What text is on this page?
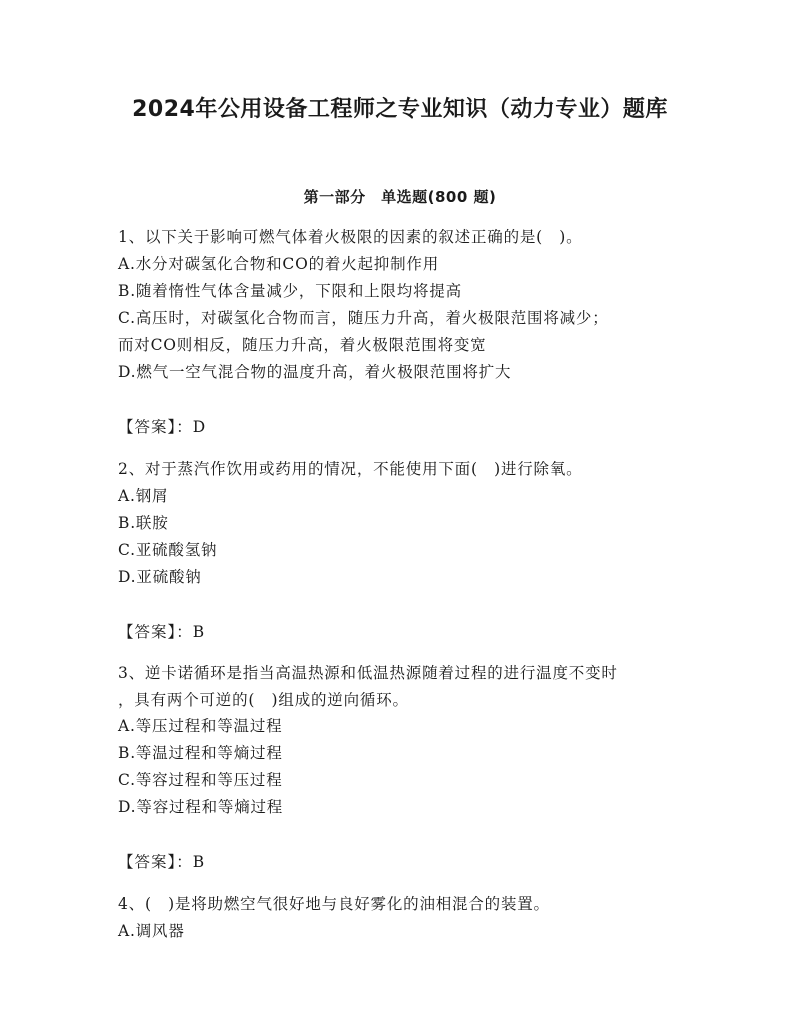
2024年公用设备工程师之专业知识（动力专业）题库
第一部分　单选题(800 题)
1、以下关于影响可燃气体着火极限的因素的叙述正确的是(　)。
A.水分对碳氢化合物和CO的着火起抑制作用
B.随着惰性气体含量减少，下限和上限均将提高
C.高压时，对碳氢化合物而言，随压力升高，着火极限范围将减少；
而对CO则相反，随压力升高，着火极限范围将变宽
D.燃气一空气混合物的温度升高，着火极限范围将扩大
【答案】：D
2、对于蒸汽作饮用或药用的情况，不能使用下面(　)进行除氧。
A.钢屑
B.联胺
C.亚硫酸氢钠
D.亚硫酸钠
【答案】：B
3、逆卡诺循环是指当高温热源和低温热源随着过程的进行温度不变时
，具有两个可逆的(　)组成的逆向循环。
A.等压过程和等温过程
B.等温过程和等熵过程
C.等容过程和等压过程
D.等容过程和等熵过程
【答案】：B
4、(　)是将助燃空气很好地与良好雾化的油相混合的装置。
A.调风器
